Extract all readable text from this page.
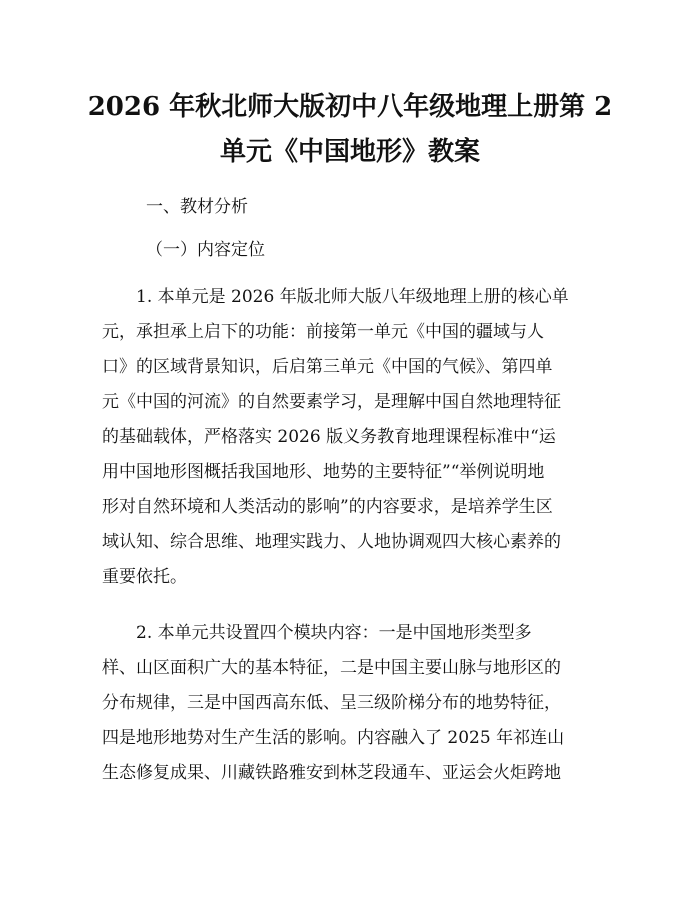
2026 年秋北师大版初中八年级地理上册第 2
单元《中国地形》教案

一、教材分析

（一）内容定位

1. 本单元是 2026 年版北师大版八年级地理上册的核心单
元，承担承上启下的功能：前接第一单元《中国的疆域与人
口》的区域背景知识，后启第三单元《中国的气候》、第四单
元《中国的河流》的自然要素学习，是理解中国自然地理特征
的基础载体，严格落实 2026 版义务教育地理课程标准中“运
用中国地形图概括我国地形、地势的主要特征”“举例说明地
形对自然环境和人类活动的影响”的内容要求，是培养学生区
域认知、综合思维、地理实践力、人地协调观四大核心素养的
重要依托。
2. 本单元共设置四个模块内容：一是中国地形类型多
样、山区面积广大的基本特征，二是中国主要山脉与地形区的
分布规律，三是中国西高东低、呈三级阶梯分布的地势特征，
四是地形地势对生产生活的影响。内容融入了 2025 年祁连山
生态修复成果、川藏铁路雅安到林芝段通车、亚运会火炬跨地
